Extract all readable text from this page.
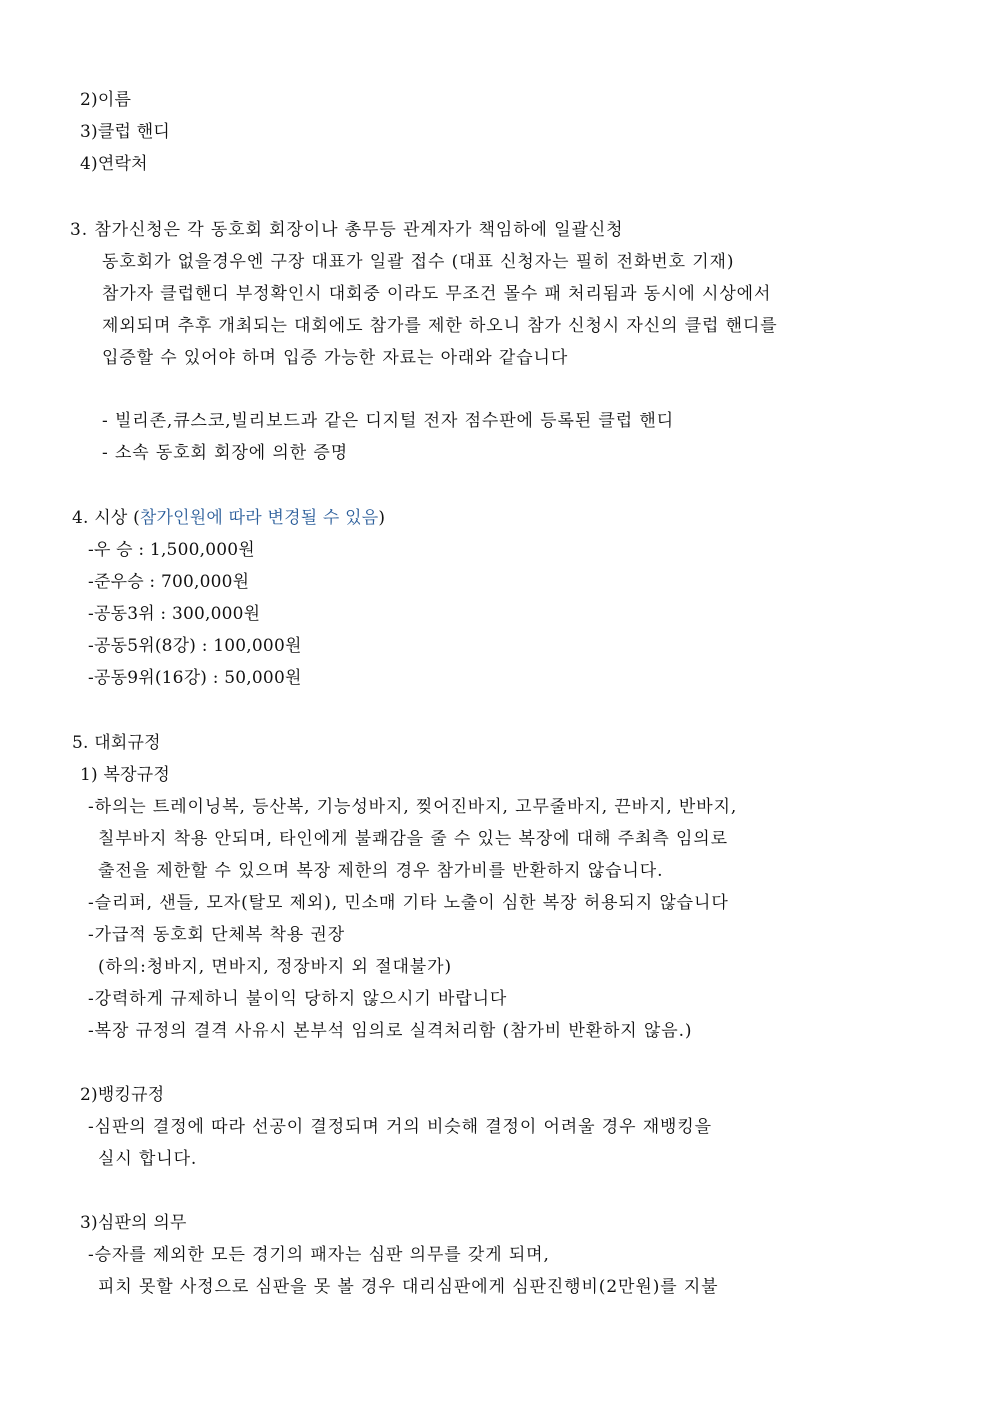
2)이름
3)클럽 핸디
4)연락처
3. 참가신청은 각 동호회 회장이나 총무등 관계자가 책임하에 일괄신청
동호회가 없을경우엔 구장 대표가 일괄 접수 (대표 신청자는 필히 전화번호 기재)
참가자 클럽핸디 부정확인시 대회중 이라도 무조건 몰수 패 처리됨과 동시에 시상에서
제외되며 추후 개최되는 대회에도 참가를 제한 하오니 참가 신청시 자신의 클럽 핸디를
입증할 수 있어야 하며 입증 가능한 자료는 아래와 같습니다
- 빌리존,큐스코,빌리보드과 같은 디지털 전자 점수판에 등록된 클럽 핸디
- 소속 동호회 회장에 의한 증명
4. 시상 (참가인원에 따라 변경될 수 있음)
-우 승 : 1,500,000원
-준우승 : 700,000원
-공동3위 : 300,000원
-공동5위(8강) : 100,000원
-공동9위(16강) : 50,000원
5. 대회규정
1) 복장규정
-하의는 트레이닝복, 등산복, 기능성바지, 찢어진바지, 고무줄바지, 끈바지, 반바지,
칠부바지 착용 안되며, 타인에게 불쾌감을 줄 수 있는 복장에 대해 주최측 임의로
출전을 제한할 수 있으며 복장 제한의 경우 참가비를 반환하지 않습니다.
-슬리퍼, 샌들, 모자(탈모 제외), 민소매 기타 노출이 심한 복장 허용되지 않습니다
-가급적 동호회 단체복 착용 권장
(하의:청바지, 면바지, 정장바지 외 절대불가)
-강력하게 규제하니 불이익 당하지 않으시기 바랍니다
-복장 규정의 결격 사유시 본부석 임의로 실격처리함 (참가비 반환하지 않음.)
2)뱅킹규정
-심판의 결정에 따라 선공이 결정되며 거의 비슷해 결정이 어려울 경우 재뱅킹을
실시 합니다.
3)심판의 의무
-승자를 제외한 모든 경기의 패자는 심판 의무를 갖게 되며,
피치 못할 사정으로 심판을 못 볼 경우 대리심판에게 심판진행비(2만원)를 지불
